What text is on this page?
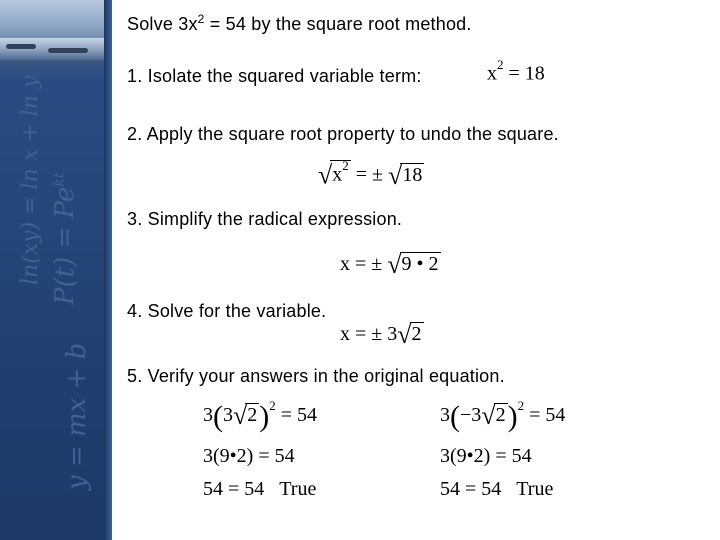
ln(xy) = ln x + ln y $P(t) = Pe^{kt}$
y = mx + b
Solve $3x^2 = 54$ by the square root method.
1. Isolate the squared variable term:	$x^2 = 18$
2. Apply the square root property to undo the square.
$√x^2$ = ± √18
3. Simplify the radical expression.
x = ± √9 • 2
4. Solve for the variable.
x = ± 3√2
5. Verify your answers in the original equation.
$3(3√2)^2 = 54$
3(9•2) = 54
54 = 54 True
$3(-3√2)^2 = 54$
3(9•2) = 54
54 = 54 True
